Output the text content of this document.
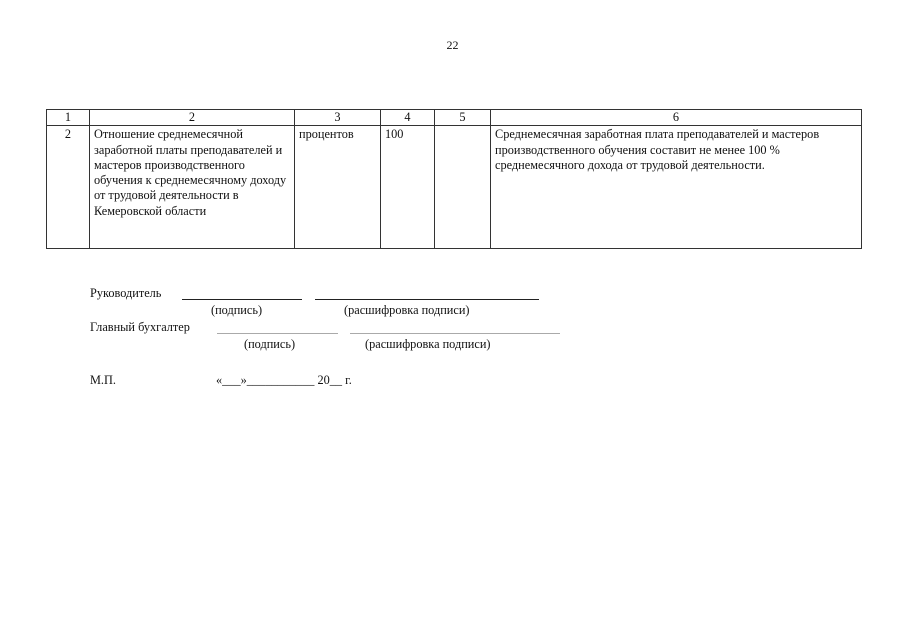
22
1	2	3	4	5	6
2	Отношение среднемесячной заработной платы преподавателей и мастеров производственного обучения к среднемесячному доходу от трудовой деятельности в Кемеровской области	процентов	100		Среднемесячная заработная плата преподавателей и мастеров производственного обучения составит не менее 100 % среднемесячного дохода от трудовой деятельности.
Руководитель
(подпись)	(расшифровка подписи)
Главный бухгалтер
(подпись)	(расшифровка подписи)
М.П.	«___»___________ 20__ г.
